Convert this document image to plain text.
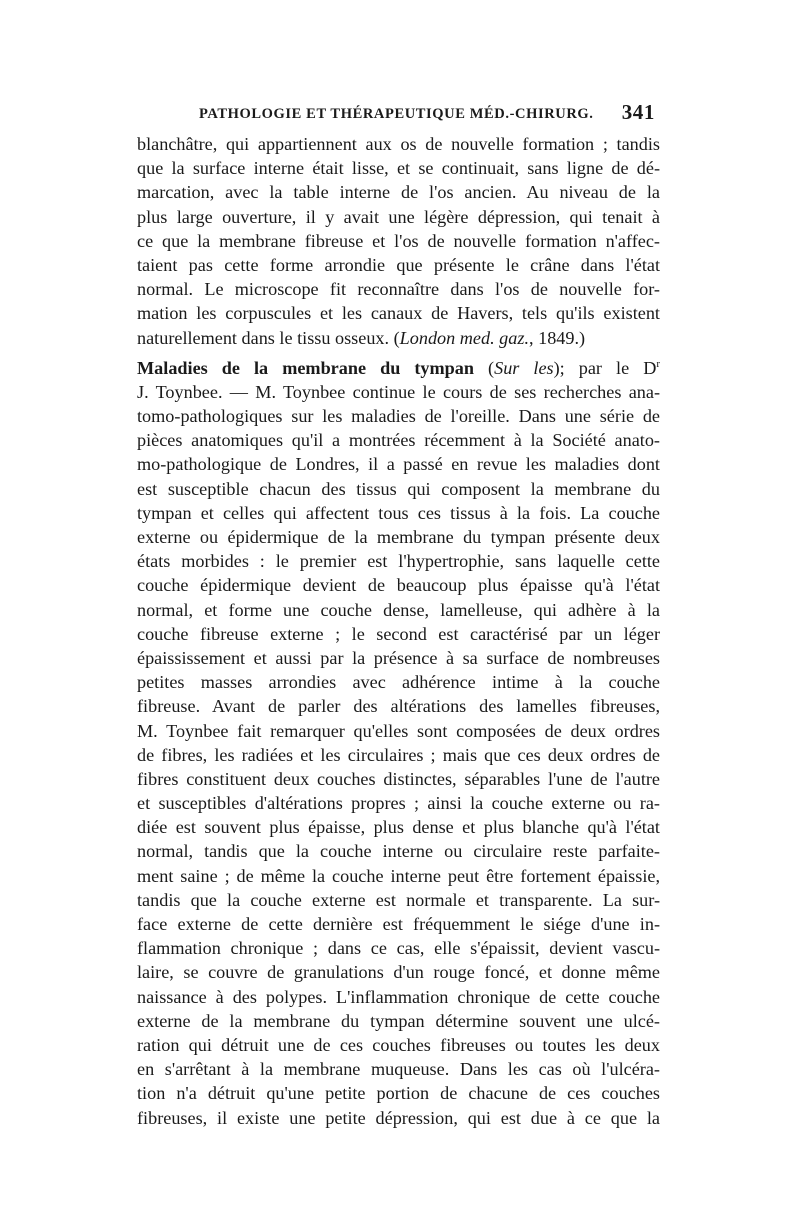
PATHOLOGIE ET THÉRAPEUTIQUE MÉD.-CHIRURG. 341
blanchâtre, qui appartiennent aux os de nouvelle formation ; tandis
que la surface interne était lisse, et se continuait, sans ligne de dé-
marcation, avec la table interne de l'os ancien. Au niveau de la
plus large ouverture, il y avait une légère dépression, qui tenait à
ce que la membrane fibreuse et l'os de nouvelle formation n'affec-
taient pas cette forme arrondie que présente le crâne dans l'état
normal. Le microscope fit reconnaître dans l'os de nouvelle for-
mation les corpuscules et les canaux de Havers, tels qu'ils existent
naturellement dans le tissu osseux. (London med. gaz., 1849.)
Maladies de la membrane du tympan (Sur les); par le $D^r$
J. Toynbee. — M. Toynbee continue le cours de ses recherches ana-
tomo-pathologiques sur les maladies de l'oreille. Dans une série de
pièces anatomiques qu'il a montrées récemment à la Société anato-
mo-pathologique de Londres, il a passé en revue les maladies dont
est susceptible chacun des tissus qui composent la membrane du
tympan et celles qui affectent tous ces tissus à la fois. La couche
externe ou épidermique de la membrane du tympan présente deux
états morbides : le premier est l'hypertrophie, sans laquelle cette
couche épidermique devient de beaucoup plus épaisse qu'à l'état
normal, et forme une couche dense, lamelleuse, qui adhère à la
couche fibreuse externe ; le second est caractérisé par un léger
épaississement et aussi par la présence à sa surface de nombreuses
petites masses arrondies avec adhérence intime à la couche
fibreuse. Avant de parler des altérations des lamelles fibreuses,
M. Toynbee fait remarquer qu'elles sont composées de deux ordres
de fibres, les radiées et les circulaires ; mais que ces deux ordres de
fibres constituent deux couches distinctes, séparables l'une de l'autre
et susceptibles d'altérations propres ; ainsi la couche externe ou ra-
diée est souvent plus épaisse, plus dense et plus blanche qu'à l'état
normal, tandis que la couche interne ou circulaire reste parfaite-
ment saine ; de même la couche interne peut être fortement épaissie,
tandis que la couche externe est normale et transparente. La sur-
face externe de cette dernière est fréquemment le siége d'une in-
flammation chronique ; dans ce cas, elle s'épaissit, devient vascu-
laire, se couvre de granulations d'un rouge foncé, et donne même
naissance à des polypes. L'inflammation chronique de cette couche
externe de la membrane du tympan détermine souvent une ulcé-
ration qui détruit une de ces couches fibreuses ou toutes les deux
en s'arrêtant à la membrane muqueuse. Dans les cas où l'ulcéra-
tion n'a détruit qu'une petite portion de chacune de ces couches
fibreuses, il existe une petite dépression, qui est due à ce que la
